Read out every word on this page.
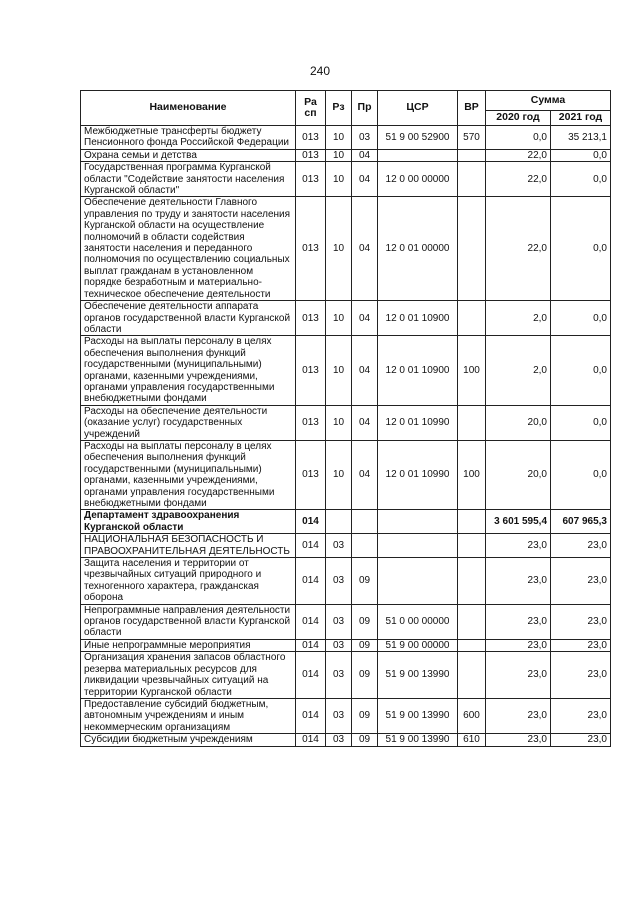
240
Наименование	Ра сп	Рз	Пр	ЦСР	ВР	Сумма	
						2020 год	2021 год
Межбюджетные трансферты бюджету Пенсионного фонда Российской Федерации	013	10	03	51 9 00 52900	570	0,0	35 213,1
Охрана семьи и детства	013	10	04			22,0	0,0
Государственная программа Курганской области "Содействие занятости населения Курганской области"	013	10	04	12 0 00 00000		22,0	0,0
Обеспечение деятельности Главного управления по труду и занятости населения Курганской области на осуществление полномочий в области содействия занятости населения и переданного полномочия по осуществлению социальных выплат гражданам в установленном порядке безработным и материально-техническое обеспечение деятельности	013	10	04	12 0 01 00000		22,0	0,0
Обеспечение деятельности аппарата органов государственной власти Курганской области	013	10	04	12 0 01 10900		2,0	0,0
Расходы на выплаты персоналу в целях обеспечения выполнения функций государственными (муниципальными) органами, казенными учреждениями, органами управления государственными внебюджетными фондами	013	10	04	12 0 01 10900	100	2,0	0,0
Расходы на обеспечение деятельности (оказание услуг) государственных учреждений	013	10	04	12 0 01 10990		20,0	0,0
Расходы на выплаты персоналу в целях обеспечения выполнения функций государственными (муниципальными) органами, казенными учреждениями, органами управления государственными внебюджетными фондами	013	10	04	12 0 01 10990	100	20,0	0,0
Департамент здравоохранения Курганской области	014					3 601 595,4	607 965,3
НАЦИОНАЛЬНАЯ БЕЗОПАСНОСТЬ И ПРАВООХРАНИТЕЛЬНАЯ ДЕЯТЕЛЬНОСТЬ	014	03				23,0	23,0
Защита населения и территории от чрезвычайных ситуаций природного и техногенного характера, гражданская оборона	014	03	09			23,0	23,0
Непрограммные направления деятельности органов государственной власти Курганской области	014	03	09	51 0 00 00000		23,0	23,0
Иные непрограммные мероприятия	014	03	09	51 9 00 00000		23,0	23,0
Организация хранения запасов областного резерва материальных ресурсов для ликвидации чрезвычайных ситуаций на территории Курганской области	014	03	09	51 9 00 13990		23,0	23,0
Предоставление субсидий бюджетным, автономным учреждениям и иным некоммерческим организациям	014	03	09	51 9 00 13990	600	23,0	23,0
Субсидии бюджетным учреждениям	014	03	09	51 9 00 13990	610	23,0	23,0
